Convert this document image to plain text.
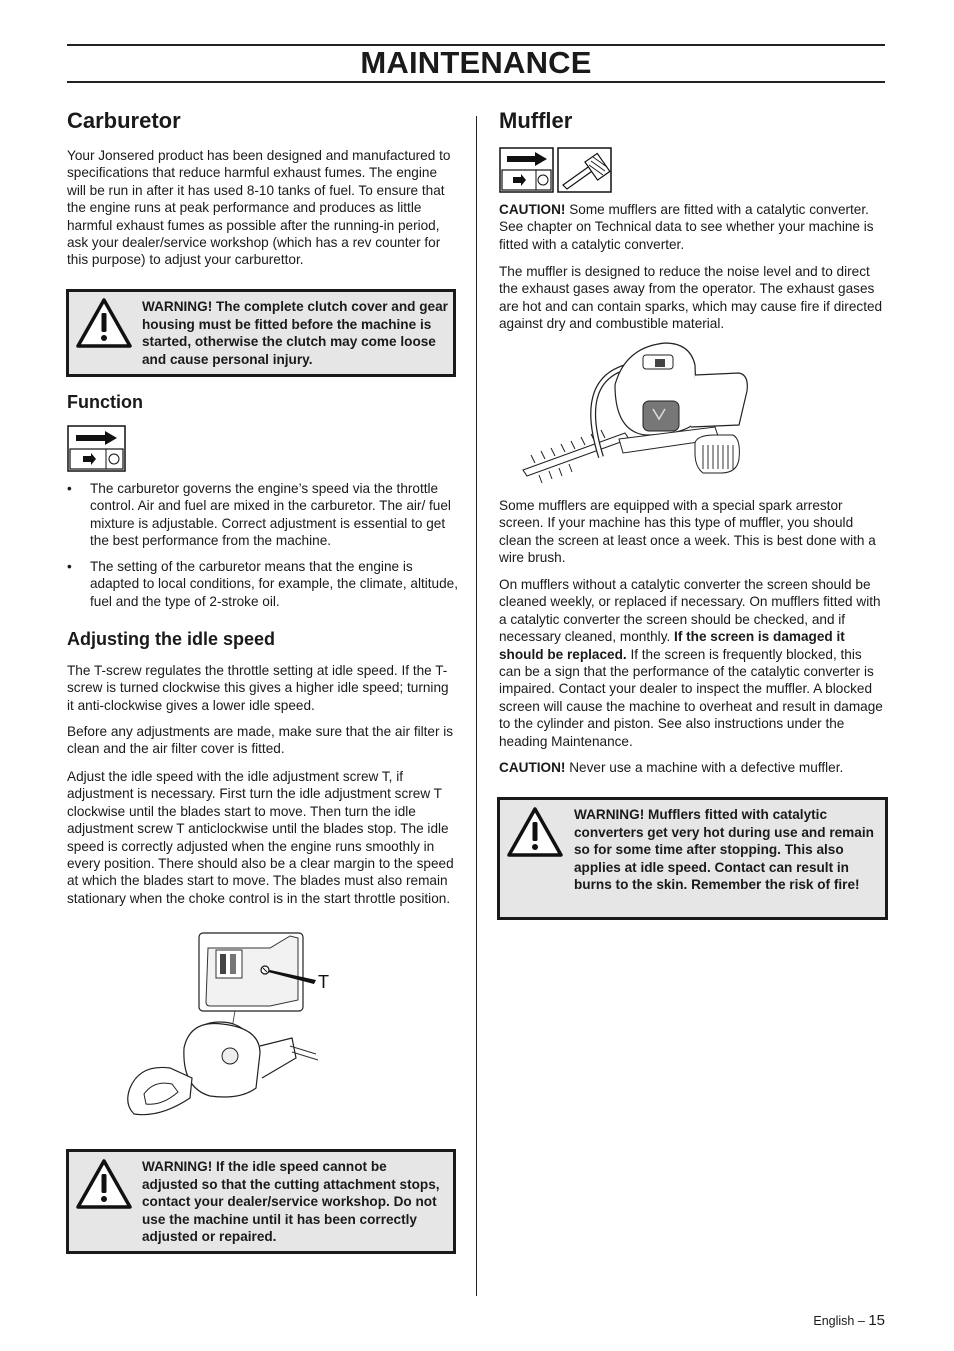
MAINTENANCE
Carburetor

Your Jonsered product has been designed and manufactured to specifications that reduce harmful exhaust fumes. The engine will be run in after it has used 8-10 tanks of fuel. To ensure that the engine runs at peak performance and produces as little harmful exhaust fumes as possible after the running-in period, ask your dealer/service workshop (which has a rev counter for this purpose) to adjust your carburettor.

WARNING! The complete clutch cover and gear housing must be fitted before the machine is started, otherwise the clutch may come loose and cause personal injury.
Function
• The carburetor governs the engine’s speed via the throttle control. Air and fuel are mixed in the carburetor. The air/ fuel mixture is adjustable. Correct adjustment is essential to get the best performance from the machine.
• The setting of the carburetor means that the engine is adapted to local conditions, for example, the climate, altitude, fuel and the type of 2-stroke oil.
Adjusting the idle speed

The T-screw regulates the throttle setting at idle speed. If the T-screw is turned clockwise this gives a higher idle speed; turning it anti-clockwise gives a lower idle speed.

Before any adjustments are made, make sure that the air filter is clean and the air filter cover is fitted.

Adjust the idle speed with the idle adjustment screw T, if adjustment is necessary. First turn the idle adjustment screw T clockwise until the blades start to move. Then turn the idle adjustment screw T anticlockwise until the blades stop. The idle speed is correctly adjusted when the engine runs smoothly in every position. There should also be a clear margin to the speed at which the blades start to move. The blades must also remain stationary when the choke control is in the start throttle position.

T
WARNING! If the idle speed cannot be adjusted so that the cutting attachment stops, contact your dealer/service workshop. Do not use the machine until it has been correctly adjusted or repaired.
Muffler

CAUTION! Some mufflers are fitted with a catalytic converter. See chapter on Technical data to see whether your machine is fitted with a catalytic converter.

The muffler is designed to reduce the noise level and to direct the exhaust gases away from the operator. The exhaust gases are hot and can contain sparks, which may cause fire if directed against dry and combustible material.

Some mufflers are equipped with a special spark arrestor screen. If your machine has this type of muffler, you should clean the screen at least once a week. This is best done with a wire brush.

On mufflers without a catalytic converter the screen should be cleaned weekly, or replaced if necessary. On mufflers fitted with a catalytic converter the screen should be checked, and if necessary cleaned, monthly. If the screen is damaged it should be replaced. If the screen is frequently blocked, this can be a sign that the performance of the catalytic converter is impaired. Contact your dealer to inspect the muffler. A blocked screen will cause the machine to overheat and result in damage to the cylinder and piston. See also instructions under the heading Maintenance.

CAUTION! Never use a machine with a defective muffler.

WARNING! Mufflers fitted with catalytic converters get very hot during use and remain so for some time after stopping. This also applies at idle speed. Contact can result in burns to the skin. Remember the risk of fire!
English – 15
